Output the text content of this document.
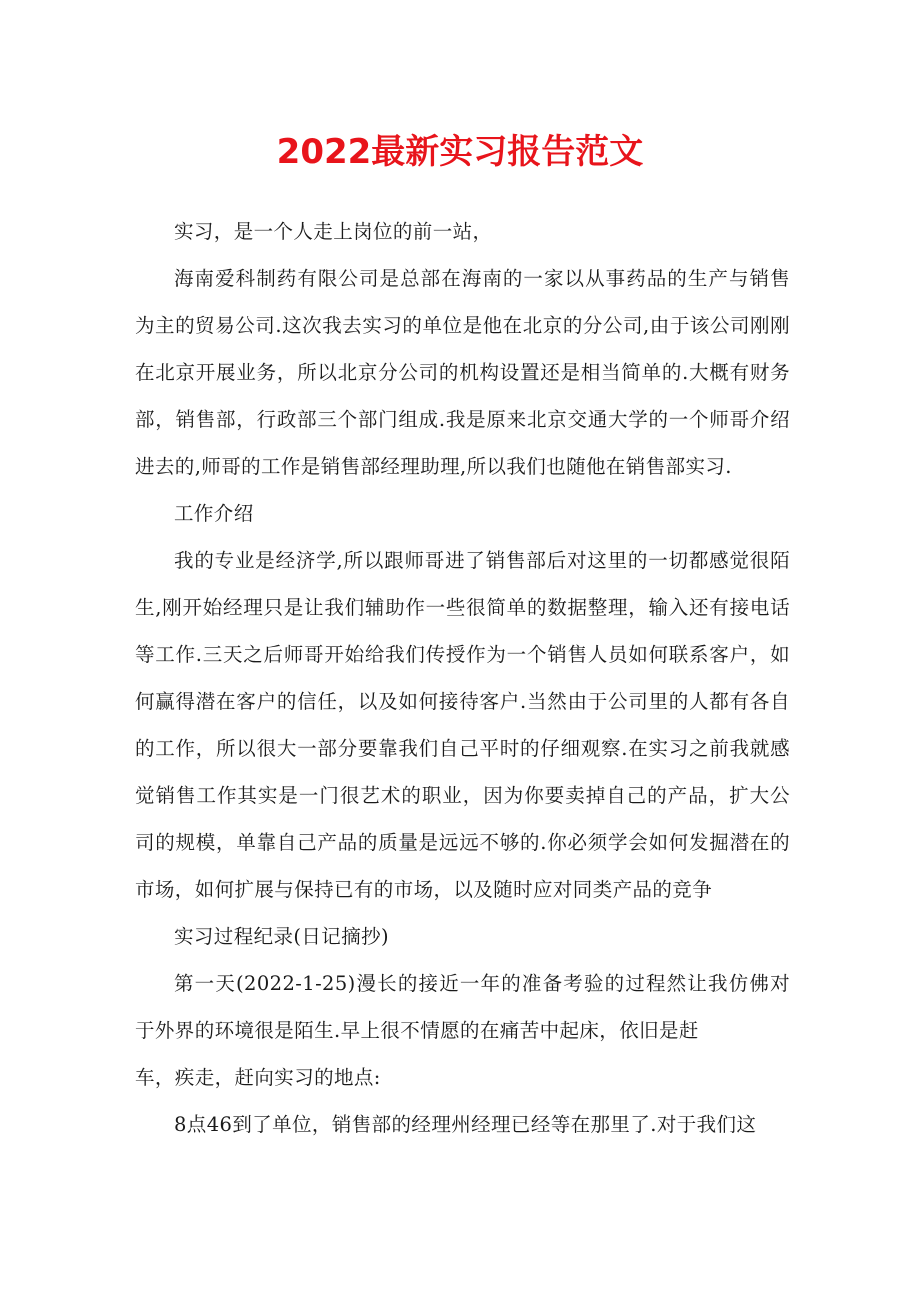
2022最新实习报告范文

实习，是一个人走上岗位的前一站，

海南爱科制药有限公司是总部在海南的一家以从事药品的生产与销售为主的贸易公司.这次我去实习的单位是他在北京的分公司,由于该公司刚刚在北京开展业务，所以北京分公司的机构设置还是相当简单的.大概有财务部，销售部，行政部三个部门组成.我是原来北京交通大学的一个师哥介绍进去的,师哥的工作是销售部经理助理,所以我们也随他在销售部实习.

工作介绍

我的专业是经济学,所以跟师哥进了销售部后对这里的一切都感觉很陌生,刚开始经理只是让我们辅助作一些很简单的数据整理，输入还有接电话等工作.三天之后师哥开始给我们传授作为一个销售人员如何联系客户，如何赢得潜在客户的信任，以及如何接待客户.当然由于公司里的人都有各自的工作，所以很大一部分要靠我们自己平时的仔细观察.在实习之前我就感觉销售工作其实是一门很艺术的职业，因为你要卖掉自己的产品，扩大公司的规模，单靠自己产品的质量是远远不够的.你必须学会如何发掘潜在的市场，如何扩展与保持已有的市场，以及随时应对同类产品的竞争

实习过程纪录(日记摘抄)

第一天(2022-1-25)漫长的接近一年的准备考验的过程然让我仿佛对于外界的环境很是陌生.早上很不情愿的在痛苦中起床，依旧是赶

车，疾走，赶向实习的地点:

8点46到了单位，销售部的经理州经理已经等在那里了.对于我们这
